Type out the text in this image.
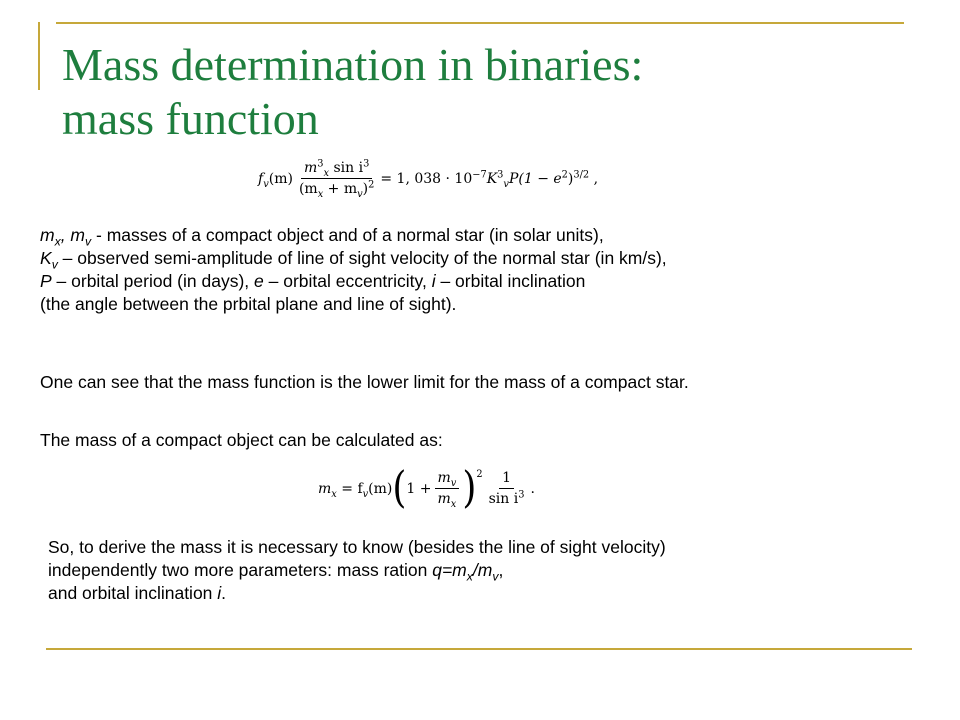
Mass determination in binaries:
mass function
$f_v(m) \frac{m^3_x \sin i^3}{(m_x + m_v)^2} = 1$, $038 \cdot 10^{-7}K^3_vP(1 - e^2)^{3/2}$ ,
$m_x$, $m_v$ - masses of a compact object and of a normal star (in solar units),
$K_v$ – observed semi-amplitude of line of sight velocity of the normal star (in km/s),
P – orbital period (in days), e – orbital eccentricity, i – orbital inclination
(the angle between the prbital plane and line of sight).
One can see that the mass function is the lower limit for the mass of a compact star.
The mass of a compact object can be calculated as:
$m_x = f_v(m)$ ( $1 + \frac{m_v}{m_x} )^2 \frac{1}{\sin i^3}$ .
So, to derive the mass it is necessary to know (besides the line of sight velocity)
independently two more parameters: mass ration $q=m_x/m_v$,
and orbital inclination i.
